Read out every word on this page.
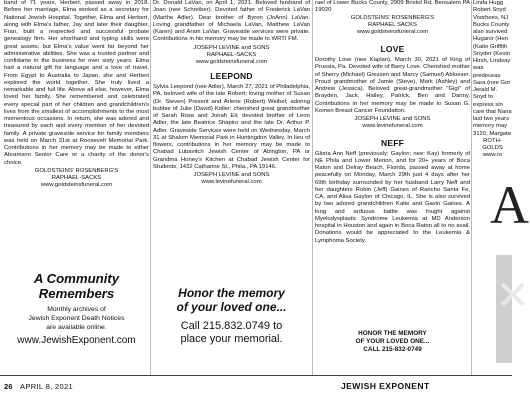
band of 71 years, Herbert, passed away in 2018. Before her marriage, Elma worked as a secretary for National Jewish Hospital. Together, Elma and Herbert, along with Elma's father, Jay and later their daughter, Fran, built a respected and successful probate genealogy firm. Her shorthand and typing skills were great assets, but Elma's value went far beyond her administrative abilities. She was a trusted partner and confidante in the business for over sixty years. Elma had a natural gift for language and a love of travel. From Egypt to Australia to Japan, she and Herbert explored the world together. She truly lived a remarkable and full life. Above all else, however, Elma loved her family. She remembered and celebrated every special part of her children and grandchildren's lives from the smallest of accomplishments to the most momentous occasions. In return, she was adored and treasured by each and every member of her devoted family. A private graveside service for family members was held on March 31st at Roosevelt Memorial Park. Contributions in her memory may be made to either Abramson Senior Care or a charity of the donor's choice.

GOLDSTEINS' ROSENBERG'S

RAPHAEL-SACKS

www.goldsteinsfuneral.com

Dr. Donald LaVan, on April 1, 2021. Beloved husband of Joan (nee Schreiber). Devoted father of Frederick LaVan (Marthe Adler). Dear brother of Byron (JoAnn) LaVan. Loving grandfather of Michaela LaVan, Matthew LaVan (Karen) and Aram LaVan. Graveside services were private. Contributions in his memory may be made to WRTI FM.

JOSEPH LEVINE and SONS

RAPHAEL-SACKS

www.goldsteinsfuneral.com

LEEPOND

Sylvia Leepond (nee Adler), March 27, 2021 of Philadelphia, PA, beloved wife of the late Robert; loving mother of Susan (Dr. Steven) Present and Arlene (Robert) Weibel; adoring bubbie of Julie (David) Koller; cherished great grandmother of Sarah Rose and Jonah Eli; devoted brother of Leon Adler, the late Beatrice Shapiro and the late Dr. Arthur P. Adler. Graveside Services were held on Wednesday, March 31 at Shalom Memorial Park in Huntingdon Valley. In lieu of flowers, contributions in her memory may be made to Chabad Lubavitch Jewish Center of Abington, PA or Grandma Honey's Kitchen at Chabad Jewish Center for Students, 1432 Catharine St., Phila., PA 19146.

JOSEPH LEVINE and SONS

www.levinefuneral.com

rael of Lower Bucks County, 2909 Bristol Rd, Bensalem PA 19020

GOLDSTEINS' ROSENBERG'S

RAPHAEL SACKS

www.goldsteinsfuneral.com

LOVE

Dorothy Love (nee Kaplan), March 30, 2021 of King of Prussia, Pa. Devoted wife of Barry Love. Cherished mother of Sherry (Michael) Gressen and Marcy (Samuel) Abloeser. Proud grandmother of Jamie (Steve), Mark (Ashley) and Andrew (Jessica). Beloved great-grandmother "Gigi" of Brayden, Jack, Hailey, Patrick, Ben and Danny. Contributions in her memory may be made to Susan G. Komen Breast Cancer Foundation.

JOSEPH LEVINE and SONS

www.levinefuneral.com

NEFF

Gloria Ann Neff (previously: Gaylon; nee: Kay) formerly of NE Phila and Lower Merion, and for 20+ years of Boca Raton and Delray Beach, Florida, passed away at home peacefully on Monday, March 29th just 4 days after her 69th birthday surrounded by her husband Larry Neff and her daughters Robin (Jeff) Gaines of Rancho Santa Fe, CA, and Alisa Gaylon of Chicago, IL. She is also survived by two adored grandchildren Katie and Gavin Gaines. A long and arduous battle was fought against Myelodysplastic Syndrome Leukemia at MD Anderson hospital in Houston and again in Boca Raton all to no avail. Donations would be appreciated to the Leukemia & Lymphoma Society.

Linda Hugg Robert Snyd Voorhees, NJ Bucks County also survived Huganir (Hen (Katie Griffith Snyder (Kevin Hirsh, Lindsay was predeceas Sara (nee Gor Jerald M. Snyd to express sin care that Nana last two years memory may 3120, Margate

ROTH-GOLDS

www.ro

A
✕
A Community
Remembers
Monthly archives of
Jewish Exponent Death Notices
are available online.
www.JewishExponent.com
Honor the memory
of your loved one...
Call 215.832.0749 to
place your memorial.	HONOR THE MEMORY
OF YOUR LOVED ONE...
CALL 215-832-0749
26 APRIL 8, 2021	JEWISH EXPONENT
